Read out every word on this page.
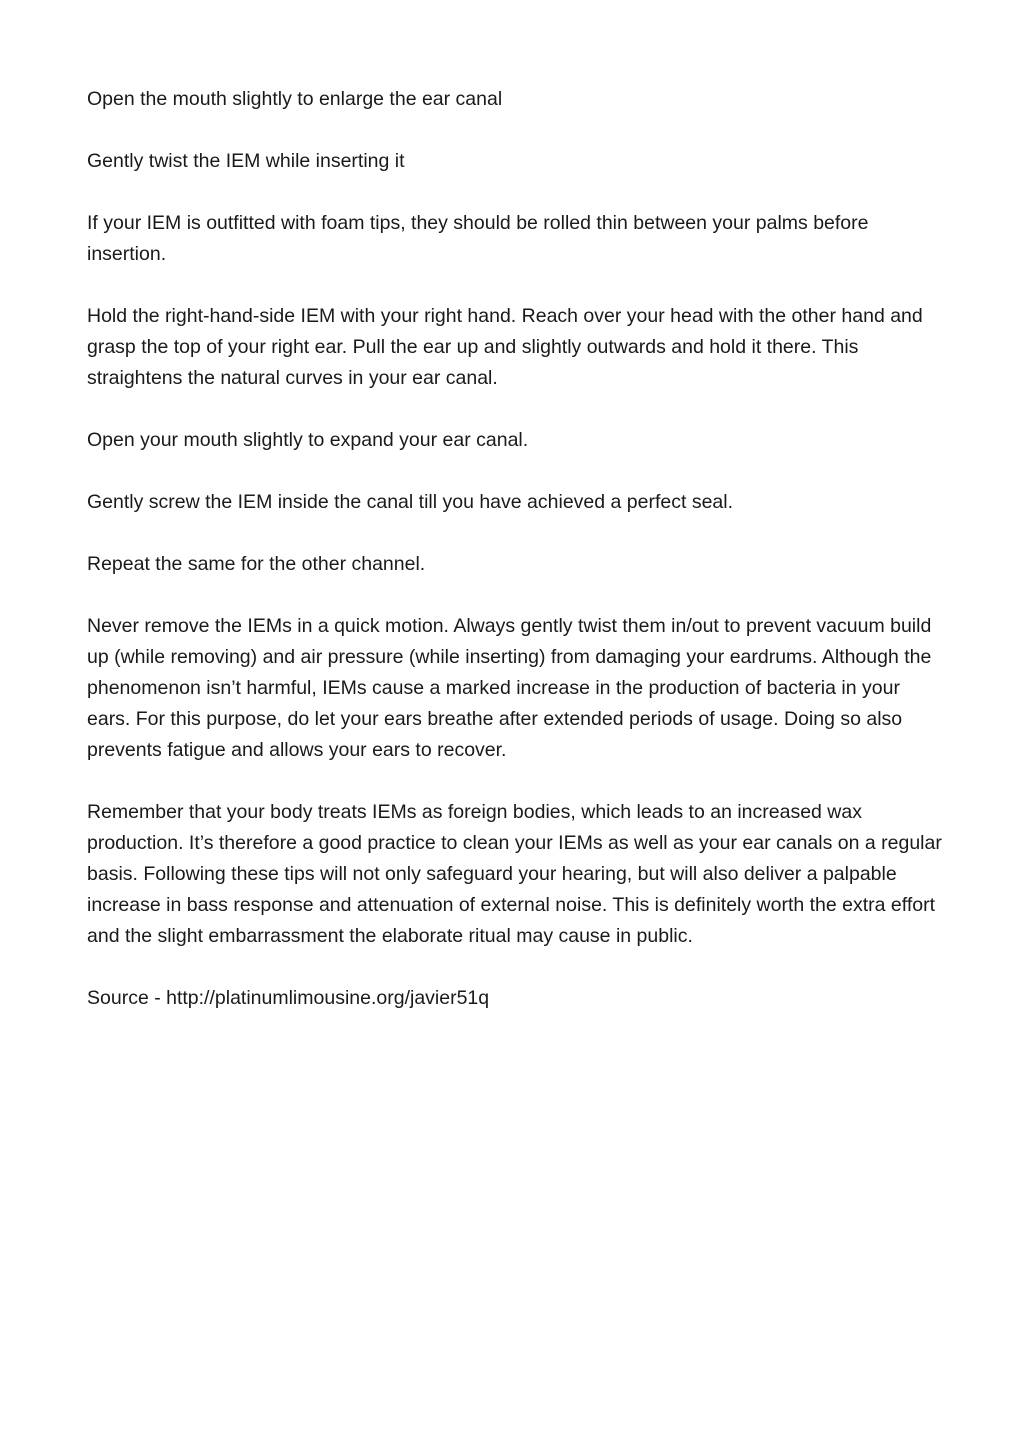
Open the mouth slightly to enlarge the ear canal

Gently twist the IEM while inserting it

If your IEM is outfitted with foam tips, they should be rolled thin between your palms before insertion.

Hold the right-hand-side IEM with your right hand. Reach over your head with the other hand and grasp the top of your right ear. Pull the ear up and slightly outwards and hold it there. This straightens the natural curves in your ear canal.

Open your mouth slightly to expand your ear canal.

Gently screw the IEM inside the canal till you have achieved a perfect seal.

Repeat the same for the other channel.

Never remove the IEMs in a quick motion. Always gently twist them in/out to prevent vacuum build up (while removing) and air pressure (while inserting) from damaging your eardrums. Although the phenomenon isn’t harmful, IEMs cause a marked increase in the production of bacteria in your ears. For this purpose, do let your ears breathe after extended periods of usage. Doing so also prevents fatigue and allows your ears to recover.

Remember that your body treats IEMs as foreign bodies, which leads to an increased wax production. It’s therefore a good practice to clean your IEMs as well as your ear canals on a regular basis. Following these tips will not only safeguard your hearing, but will also deliver a palpable increase in bass response and attenuation of external noise. This is definitely worth the extra effort and the slight embarrassment the elaborate ritual may cause in public.

Source - http://platinumlimousine.org/javier51q
